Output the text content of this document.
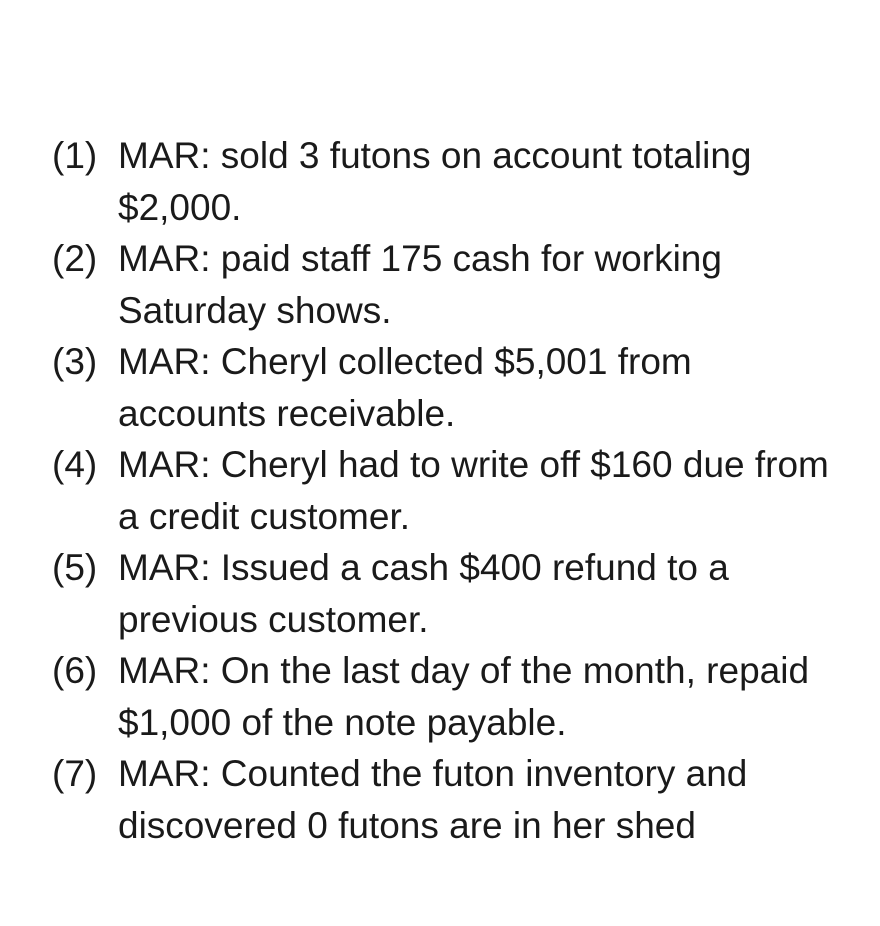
(1) MAR: sold 3 futons on account totaling
$2,000.
(2) MAR: paid staff 175 cash for working
Saturday shows.
(3) MAR: Cheryl collected $5,001 from
accounts receivable.
(4) MAR: Cheryl had to write off $160 due from
a credit customer.
(5) MAR: Issued a cash $400 refund to a
previous customer.
(6) MAR: On the last day of the month, repaid
$1,000 of the note payable.
(7) MAR: Counted the futon inventory and
discovered 0 futons are in her shed
